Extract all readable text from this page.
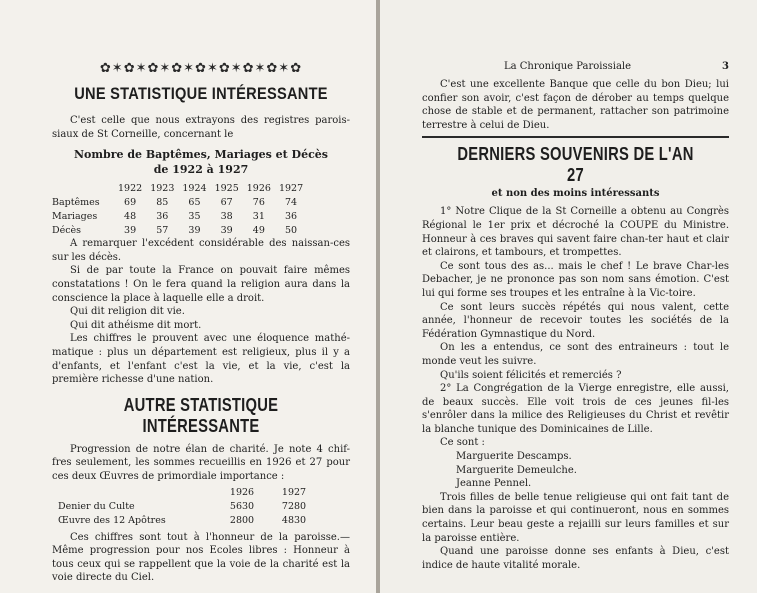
✿✶✿✶✿✶✿✶✿✶✿✶✿✶✿✶✿
UNE STATISTIQUE INTÉRESSANTE

C'est celle que nous extrayons des registres parois-siaux de St Corneille, concernant le

Nombre de Baptêmes, Mariages et Décès
de 1922 à 1927
	1922	1923	1924	1925	1926	1927
Baptêmes	69	85	65	67	76	74
Mariages	48	36	35	38	31	36
Décès	39	57	39	39	49	50

A remarquer l'excédent considérable des naissan-ces sur les décès.

Si de par toute la France on pouvait faire mêmes constatations ! On le fera quand la religion aura dans la conscience la place à laquelle elle a droit.

Qui dit religion dit vie.

Qui dit athéisme dit mort.

Les chiffres le prouvent avec une éloquence mathé-matique : plus un département est religieux, plus il y a d'enfants, et l'enfant c'est la vie, et la vie, c'est la première richesse d'une nation.

AUTRE STATISTIQUE INTÉRESSANTE

Progression de notre élan de charité. Je note 4 chif-fres seulement, les sommes recueillis en 1926 et 27 pour ces deux Œuvres de primordiale importance :

	1926	1927
Denier du Culte	5630	7280
Œuvre des 12 Apôtres	2800	4830

Ces chiffres sont tout à l'honneur de la paroisse.— Même progression pour nos Ecoles libres : Honneur à tous ceux qui se rappellent que la voie de la charité est la voie directe du Ciel.

La Chronique Paroissiale	3

C'est une excellente Banque que celle du bon Dieu; lui confier son avoir, c'est façon de dérober au temps quelque chose de stable et de permanent, rattacher son patrimoine terrestre à celui de Dieu.

DERNIERS SOUVENIRS DE L'AN 27
et non des moins intéressants

1° Notre Clique de la St Corneille a obtenu au Congrès Régional le 1er prix et décroché la COUPE du Ministre. Honneur à ces braves qui savent faire chan-ter haut et clair et clairons, et tambours, et trompettes.

Ce sont tous des as... mais le chef ! Le brave Char-les Debacher, je ne prononce pas son nom sans émotion. C'est lui qui forme ses troupes et les entraîne à la Vic-toire.

Ce sont leurs succès répétés qui nous valent, cette année, l'honneur de recevoir toutes les sociétés de la Fédération Gymnastique du Nord.

On les a entendus, ce sont des entraineurs : tout le monde veut les suivre.

Qu'ils soient félicités et remerciés ?

2° La Congrégation de la Vierge enregistre, elle aussi, de beaux succès. Elle voit trois de ces jeunes fil-les s'enrôler dans la milice des Religieuses du Christ et revêtir la blanche tunique des Dominicaines de Lille.

Ce sont :

Marguerite Descamps.

Marguerite Demeulche.

Jeanne Pennel.

Trois filles de belle tenue religieuse qui ont fait tant de bien dans la paroisse et qui continueront, nous en sommes certains. Leur beau geste a rejailli sur leurs familles et sur la paroisse entière.

Quand une paroisse donne ses enfants à Dieu, c'est indice de haute vitalité morale.
